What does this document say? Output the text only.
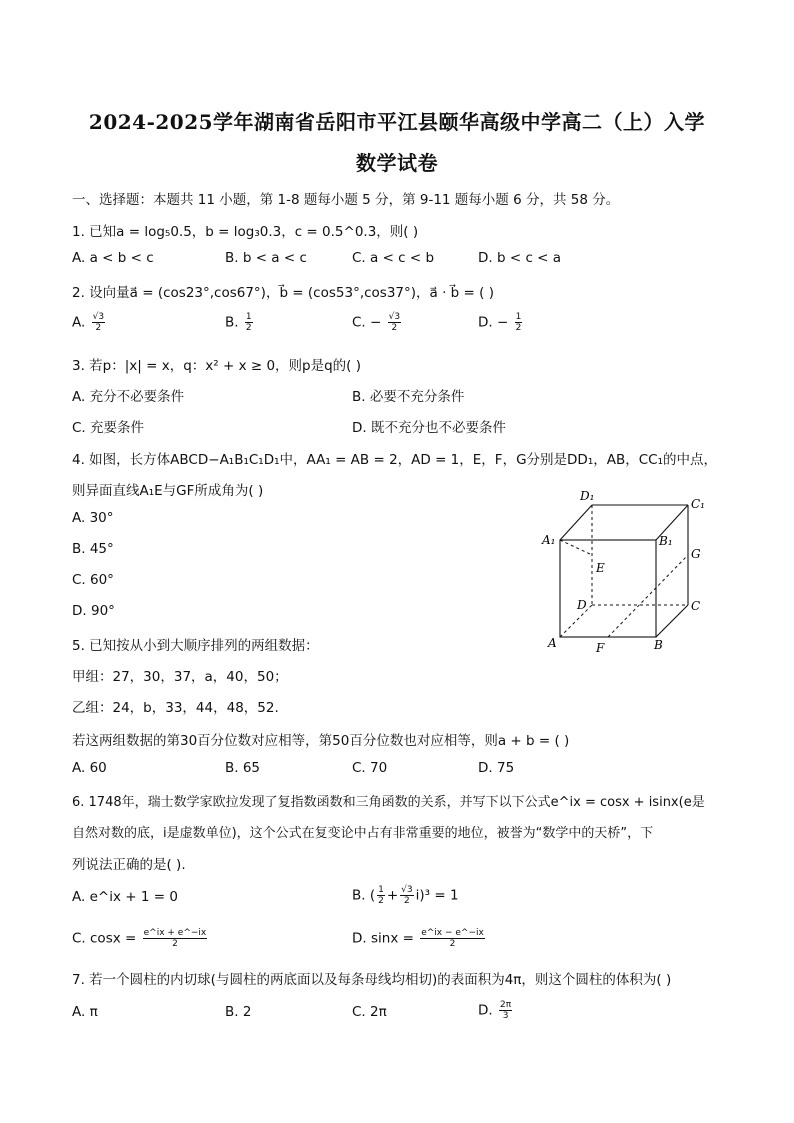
2024-2025学年湖南省岳阳市平江县颐华高级中学高二（上）入学
数学试卷
一、选择题：本题共 11 小题，第 1-8 题每小题 5 分，第 9-11 题每小题 6 分，共 58 分。
1. 已知a = log₅0.5，b = log₃0.3，c = 0.5^0.3，则( )
A. a < b < c	B. b < a < c	C. a < c < b	D. b < c < a
2. 设向量a⃗ = (cos23°,cos67°)，b⃗ = (cos53°,cos37°)，a⃗ · b⃗ = ( )
A. $\frac{√3}{2}$	B. $\frac{1}{2}$	C. − $\frac{√3}{2}$	D. − $\frac{1}{2}$
3. 若p：|x| = x，q：x² + x ≥ 0，则p是q的( )
A. 充分不必要条件	B. 必要不充分条件
C. 充要条件	D. 既不充分也不必要条件
4. 如图，长方体ABCD−A₁B₁C₁D₁中，AA₁ = AB = 2，AD = 1，E，F，G分别是DD₁，AB，CC₁的中点，
则异面直线A₁E与GF所成角为( )
A. 30°
B. 45°
C. 60°
D. 90°
D₁
C₁
A₁	B₁
E
G
D	C
A	F	B
5. 已知按从小到大顺序排列的两组数据：
甲组：27，30，37，a，40，50；
乙组：24，b，33，44，48，52.
若这两组数据的第30百分位数对应相等，第50百分位数也对应相等，则a + b = ( )
A. 60	B. 65	C. 70	D. 75
6. 1748年，瑞士数学家欧拉发现了复指数函数和三角函数的关系，并写下以下公式e^ix = cosx + isinx(e是
自然对数的底，i是虚数单位)，这个公式在复变论中占有非常重要的地位，被誉为“数学中的天桥”，下
列说法正确的是( ).
A. e^ix + 1 = 0	B. ( $\frac{1}{2} + \frac{√3}{2} i)^3 = 1$
C. $\cos x = \frac{e\^{}ix + e\^{}-ix}{2}$	D. $\sin x = \frac{e\^{}ix - e\^{}-ix}{2}$
7. 若一个圆柱的内切球(与圆柱的两底面以及每条母线均相切)的表面积为4π，则这个圆柱的体积为( )
A. π	B. 2	C. 2π	D. $\frac{2\pi}{3}$
